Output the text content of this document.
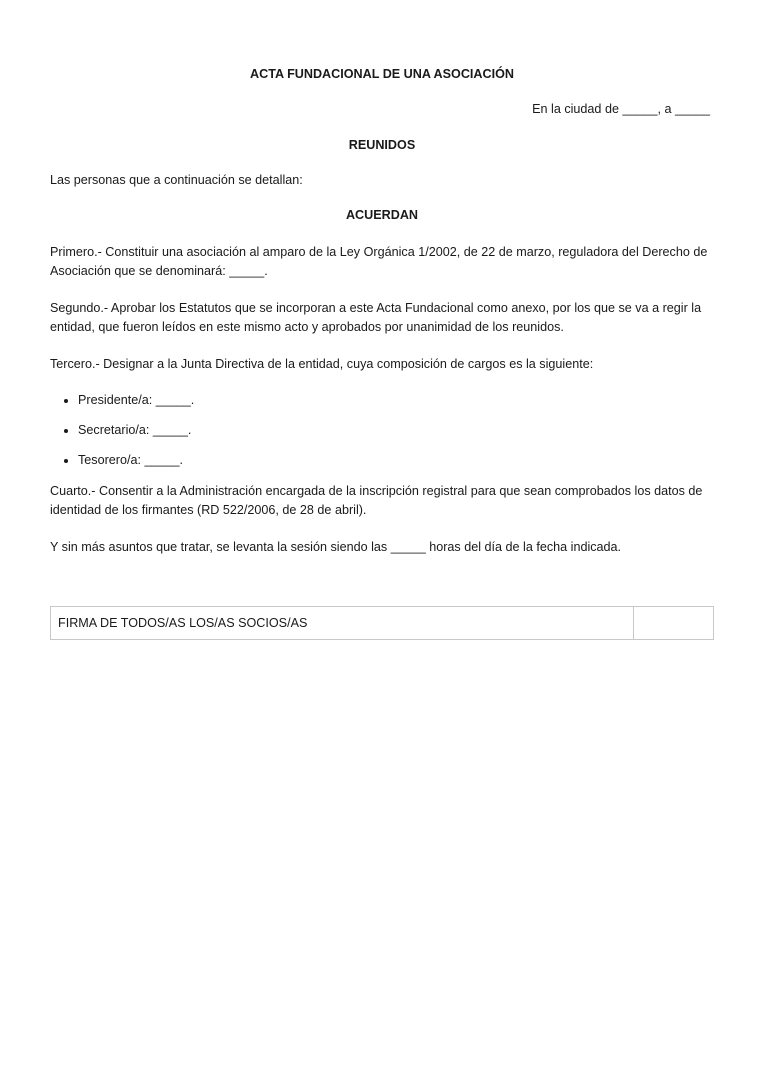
ACTA FUNDACIONAL DE UNA ASOCIACIÓN
En la ciudad de _____, a _____
REUNIDOS

Las personas que a continuación se detallan:

ACUERDAN

Primero.- Constituir una asociación al amparo de la Ley Orgánica 1/2002, de 22 de marzo, reguladora del Derecho de Asociación que se denominará: _____.

Segundo.- Aprobar los Estatutos que se incorporan a este Acta Fundacional como anexo, por los que se va a regir la entidad, que fueron leídos en este mismo acto y aprobados por unanimidad de los reunidos.

Tercero.- Designar a la Junta Directiva de la entidad, cuya composición de cargos es la siguiente:

Presidente/a: _____.
Secretario/a: _____.
Tesorero/a: _____.

Cuarto.- Consentir a la Administración encargada de la inscripción registral para que sean comprobados los datos de identidad de los firmantes (RD 522/2006, de 28 de abril).

Y sin más asuntos que tratar, se levanta la sesión siendo las _____ horas del día de la fecha indicada.

FIRMA DE TODOS/AS LOS/AS SOCIOS/AS
